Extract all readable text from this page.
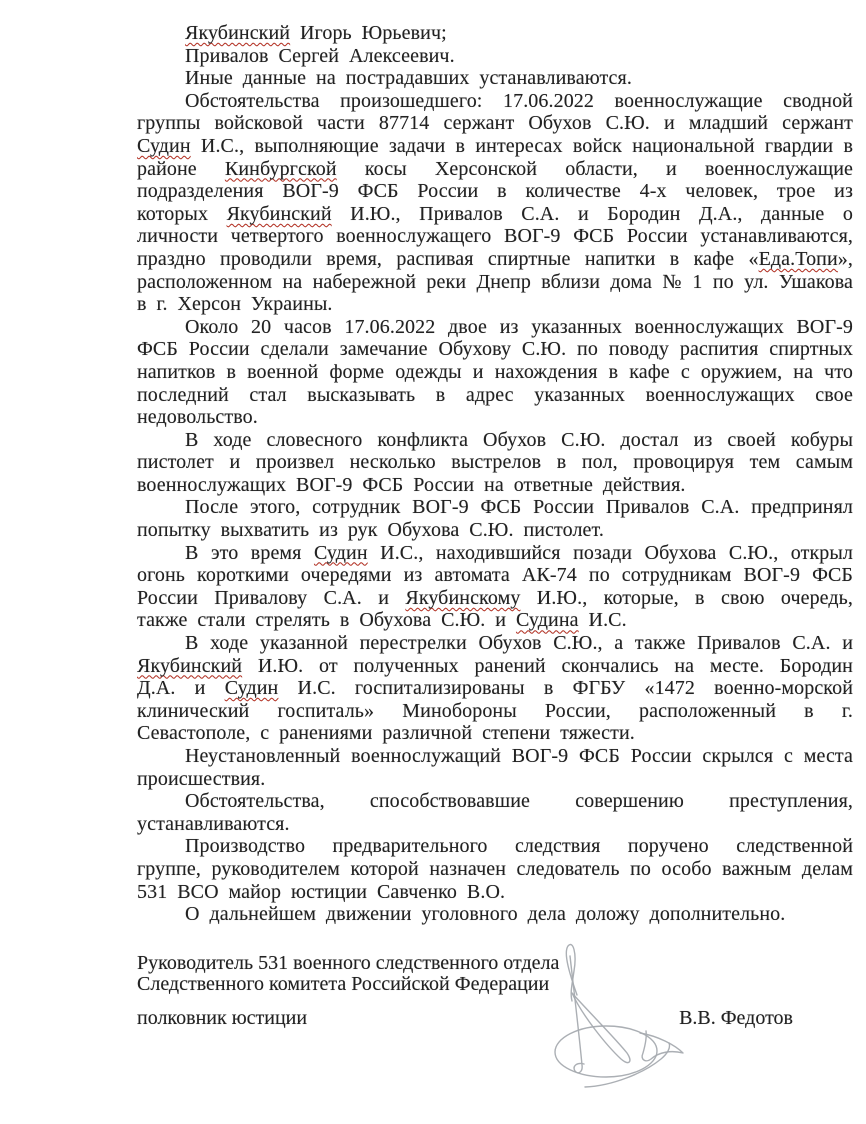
Якубинский Игорь Юрьевич;

Привалов Сергей Алексеевич.

Иные данные на пострадавших устанавливаются.

Обстоятельства произошедшего: 17.06.2022 военнослужащие сводной группы войсковой части 87714 сержант Обухов С.Ю. и младший сержант Судин И.С., выполняющие задачи в интересах войск национальной гвардии в районе Кинбургской косы Херсонской области, и военнослужащие подразделения ВОГ-9 ФСБ России в количестве 4-х человек, трое из которых Якубинский И.Ю., Привалов С.А. и Бородин Д.А., данные о личности четвертого военнослужащего ВОГ-9 ФСБ России устанавливаются, праздно проводили время, распивая спиртные напитки в кафе «Еда.Топи», расположенном на набережной реки Днепр вблизи дома № 1 по ул. Ушакова в г. Херсон Украины.

Около 20 часов 17.06.2022 двое из указанных военнослужащих ВОГ-9 ФСБ России сделали замечание Обухову С.Ю. по поводу распития спиртных напитков в военной форме одежды и нахождения в кафе с оружием, на что последний стал высказывать в адрес указанных военнослужащих свое недовольство.

В ходе словесного конфликта Обухов С.Ю. достал из своей кобуры пистолет и произвел несколько выстрелов в пол, провоцируя тем самым военнослужащих ВОГ-9 ФСБ России на ответные действия.

После этого, сотрудник ВОГ-9 ФСБ России Привалов С.А. предпринял попытку выхватить из рук Обухова С.Ю. пистолет.

В это время Судин И.С., находившийся позади Обухова С.Ю., открыл огонь короткими очередями из автомата АК-74 по сотрудникам ВОГ-9 ФСБ России Привалову С.А. и Якубинскому И.Ю., которые, в свою очередь, также стали стрелять в Обухова С.Ю. и Судина И.С.

В ходе указанной перестрелки Обухов С.Ю., а также Привалов С.А. и Якубинский И.Ю. от полученных ранений скончались на месте. Бородин Д.А. и Судин И.С. госпитализированы в ФГБУ «1472 военно-морской клинический госпиталь» Минобороны России, расположенный в г. Севастополе, с ранениями различной степени тяжести.

Неустановленный военнослужащий ВОГ-9 ФСБ России скрылся с места происшествия.

Обстоятельства, способствовавшие совершению преступления, устанавливаются.

Производство предварительного следствия поручено следственной группе, руководителем которой назначен следователь по особо важным делам 531 ВСО майор юстиции Савченко В.О.

О дальнейшем движении уголовного дела доложу дополнительно.

Руководитель 531 военного следственного отдела

Следственного комитета Российской Федерации

полковник юстиции	В.В. Федотов
